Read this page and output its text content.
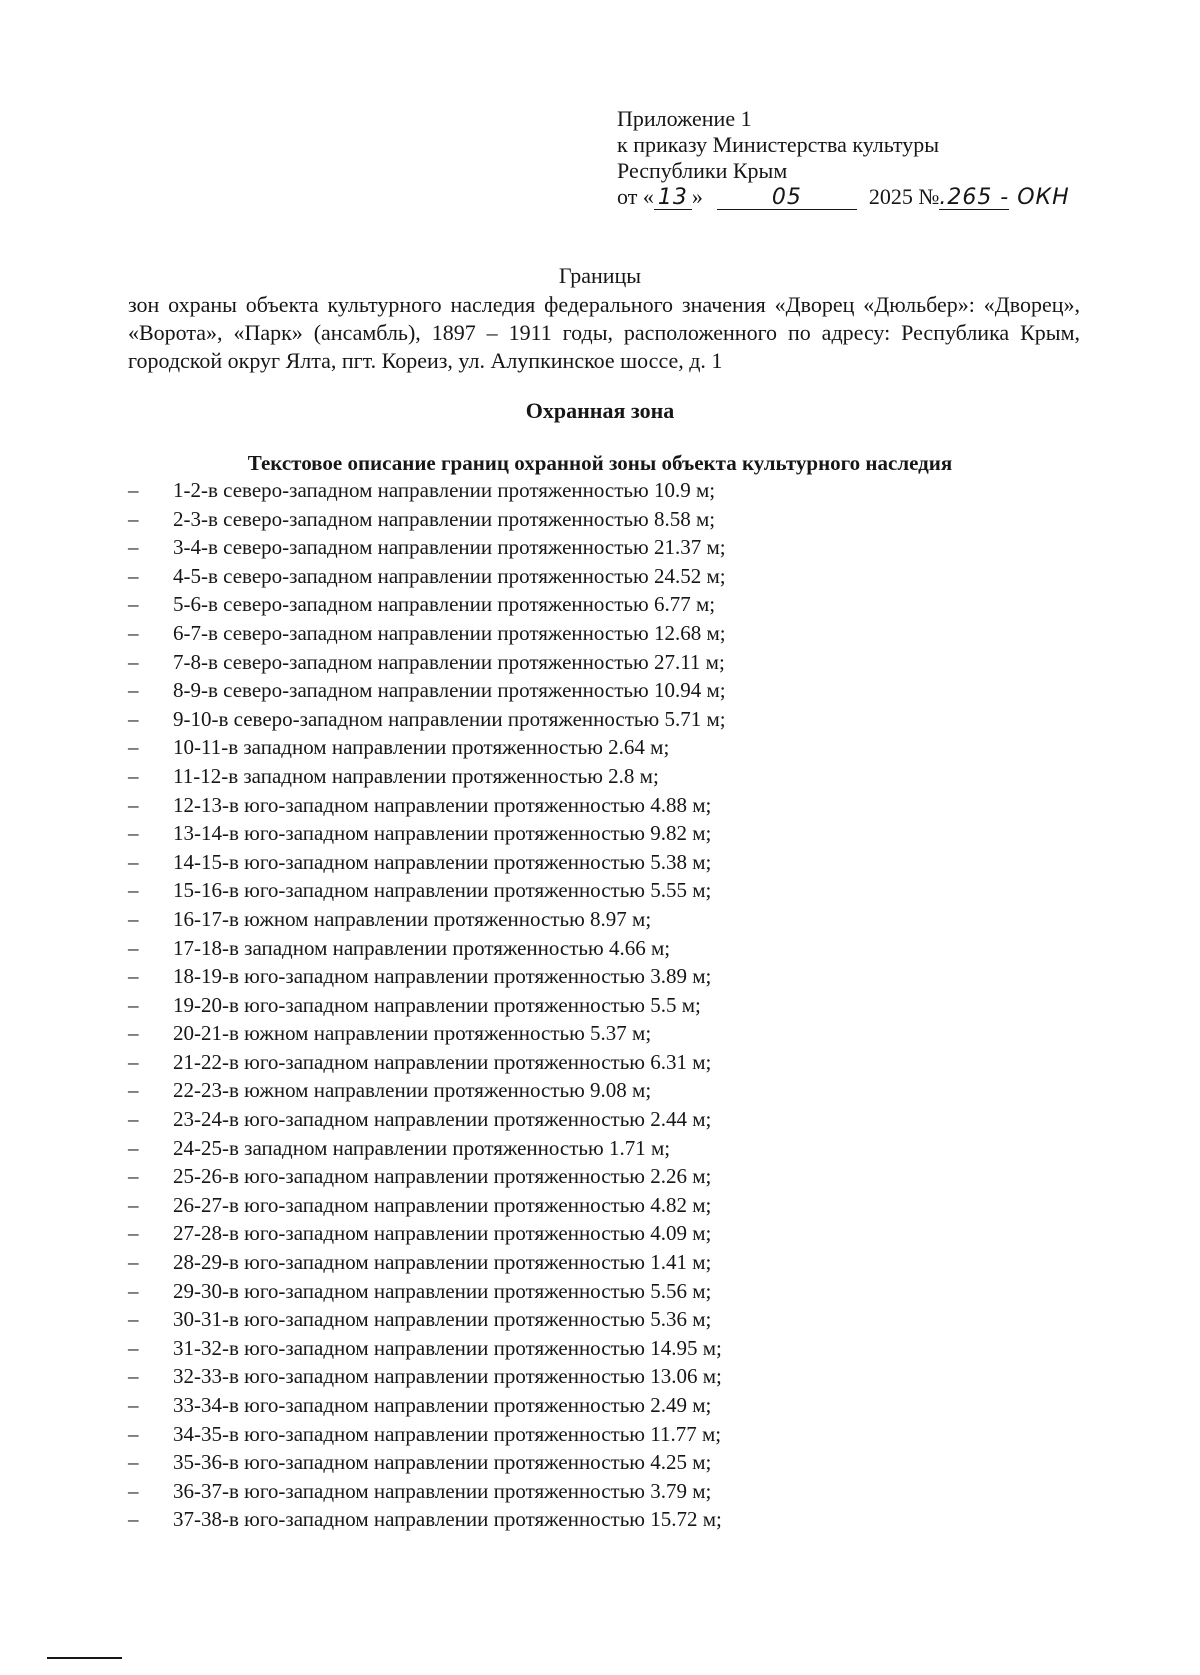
Приложение 1
к приказу Министерства культуры
Республики Крым
от « 13 »	05	2025 № .265 - ОКН
Границы
зон охраны объекта культурного наследия федерального значения «Дворец «Дюльбер»: «Дворец», «Ворота», «Парк» (ансамбль), 1897 – 1911 годы, расположенного по адресу: Республика Крым, городской округ Ялта, пгт. Кореиз, ул. Алупкинское шоссе, д. 1
Охранная зона
Текстовое описание границ охранной зоны объекта культурного наследия
–	1-2-в северо-западном направлении протяженностью 10.9 м;
–	2-3-в северо-западном направлении протяженностью 8.58 м;
–	3-4-в северо-западном направлении протяженностью 21.37 м;
–	4-5-в северо-западном направлении протяженностью 24.52 м;
–	5-6-в северо-западном направлении протяженностью 6.77 м;
–	6-7-в северо-западном направлении протяженностью 12.68 м;
–	7-8-в северо-западном направлении протяженностью 27.11 м;
–	8-9-в северо-западном направлении протяженностью 10.94 м;
–	9-10-в северо-западном направлении протяженностью 5.71 м;
–	10-11-в западном направлении протяженностью 2.64 м;
–	11-12-в западном направлении протяженностью 2.8 м;
–	12-13-в юго-западном направлении протяженностью 4.88 м;
–	13-14-в юго-западном направлении протяженностью 9.82 м;
–	14-15-в юго-западном направлении протяженностью 5.38 м;
–	15-16-в юго-западном направлении протяженностью 5.55 м;
–	16-17-в южном направлении протяженностью 8.97 м;
–	17-18-в западном направлении протяженностью 4.66 м;
–	18-19-в юго-западном направлении протяженностью 3.89 м;
–	19-20-в юго-западном направлении протяженностью 5.5 м;
–	20-21-в южном направлении протяженностью 5.37 м;
–	21-22-в юго-западном направлении протяженностью 6.31 м;
–	22-23-в южном направлении протяженностью 9.08 м;
–	23-24-в юго-западном направлении протяженностью 2.44 м;
–	24-25-в западном направлении протяженностью 1.71 м;
–	25-26-в юго-западном направлении протяженностью 2.26 м;
–	26-27-в юго-западном направлении протяженностью 4.82 м;
–	27-28-в юго-западном направлении протяженностью 4.09 м;
–	28-29-в юго-западном направлении протяженностью 1.41 м;
–	29-30-в юго-западном направлении протяженностью 5.56 м;
–	30-31-в юго-западном направлении протяженностью 5.36 м;
–	31-32-в юго-западном направлении протяженностью 14.95 м;
–	32-33-в юго-западном направлении протяженностью 13.06 м;
–	33-34-в юго-западном направлении протяженностью 2.49 м;
–	34-35-в юго-западном направлении протяженностью 11.77 м;
–	35-36-в юго-западном направлении протяженностью 4.25 м;
–	36-37-в юго-западном направлении протяженностью 3.79 м;
–	37-38-в юго-западном направлении протяженностью 15.72 м;
